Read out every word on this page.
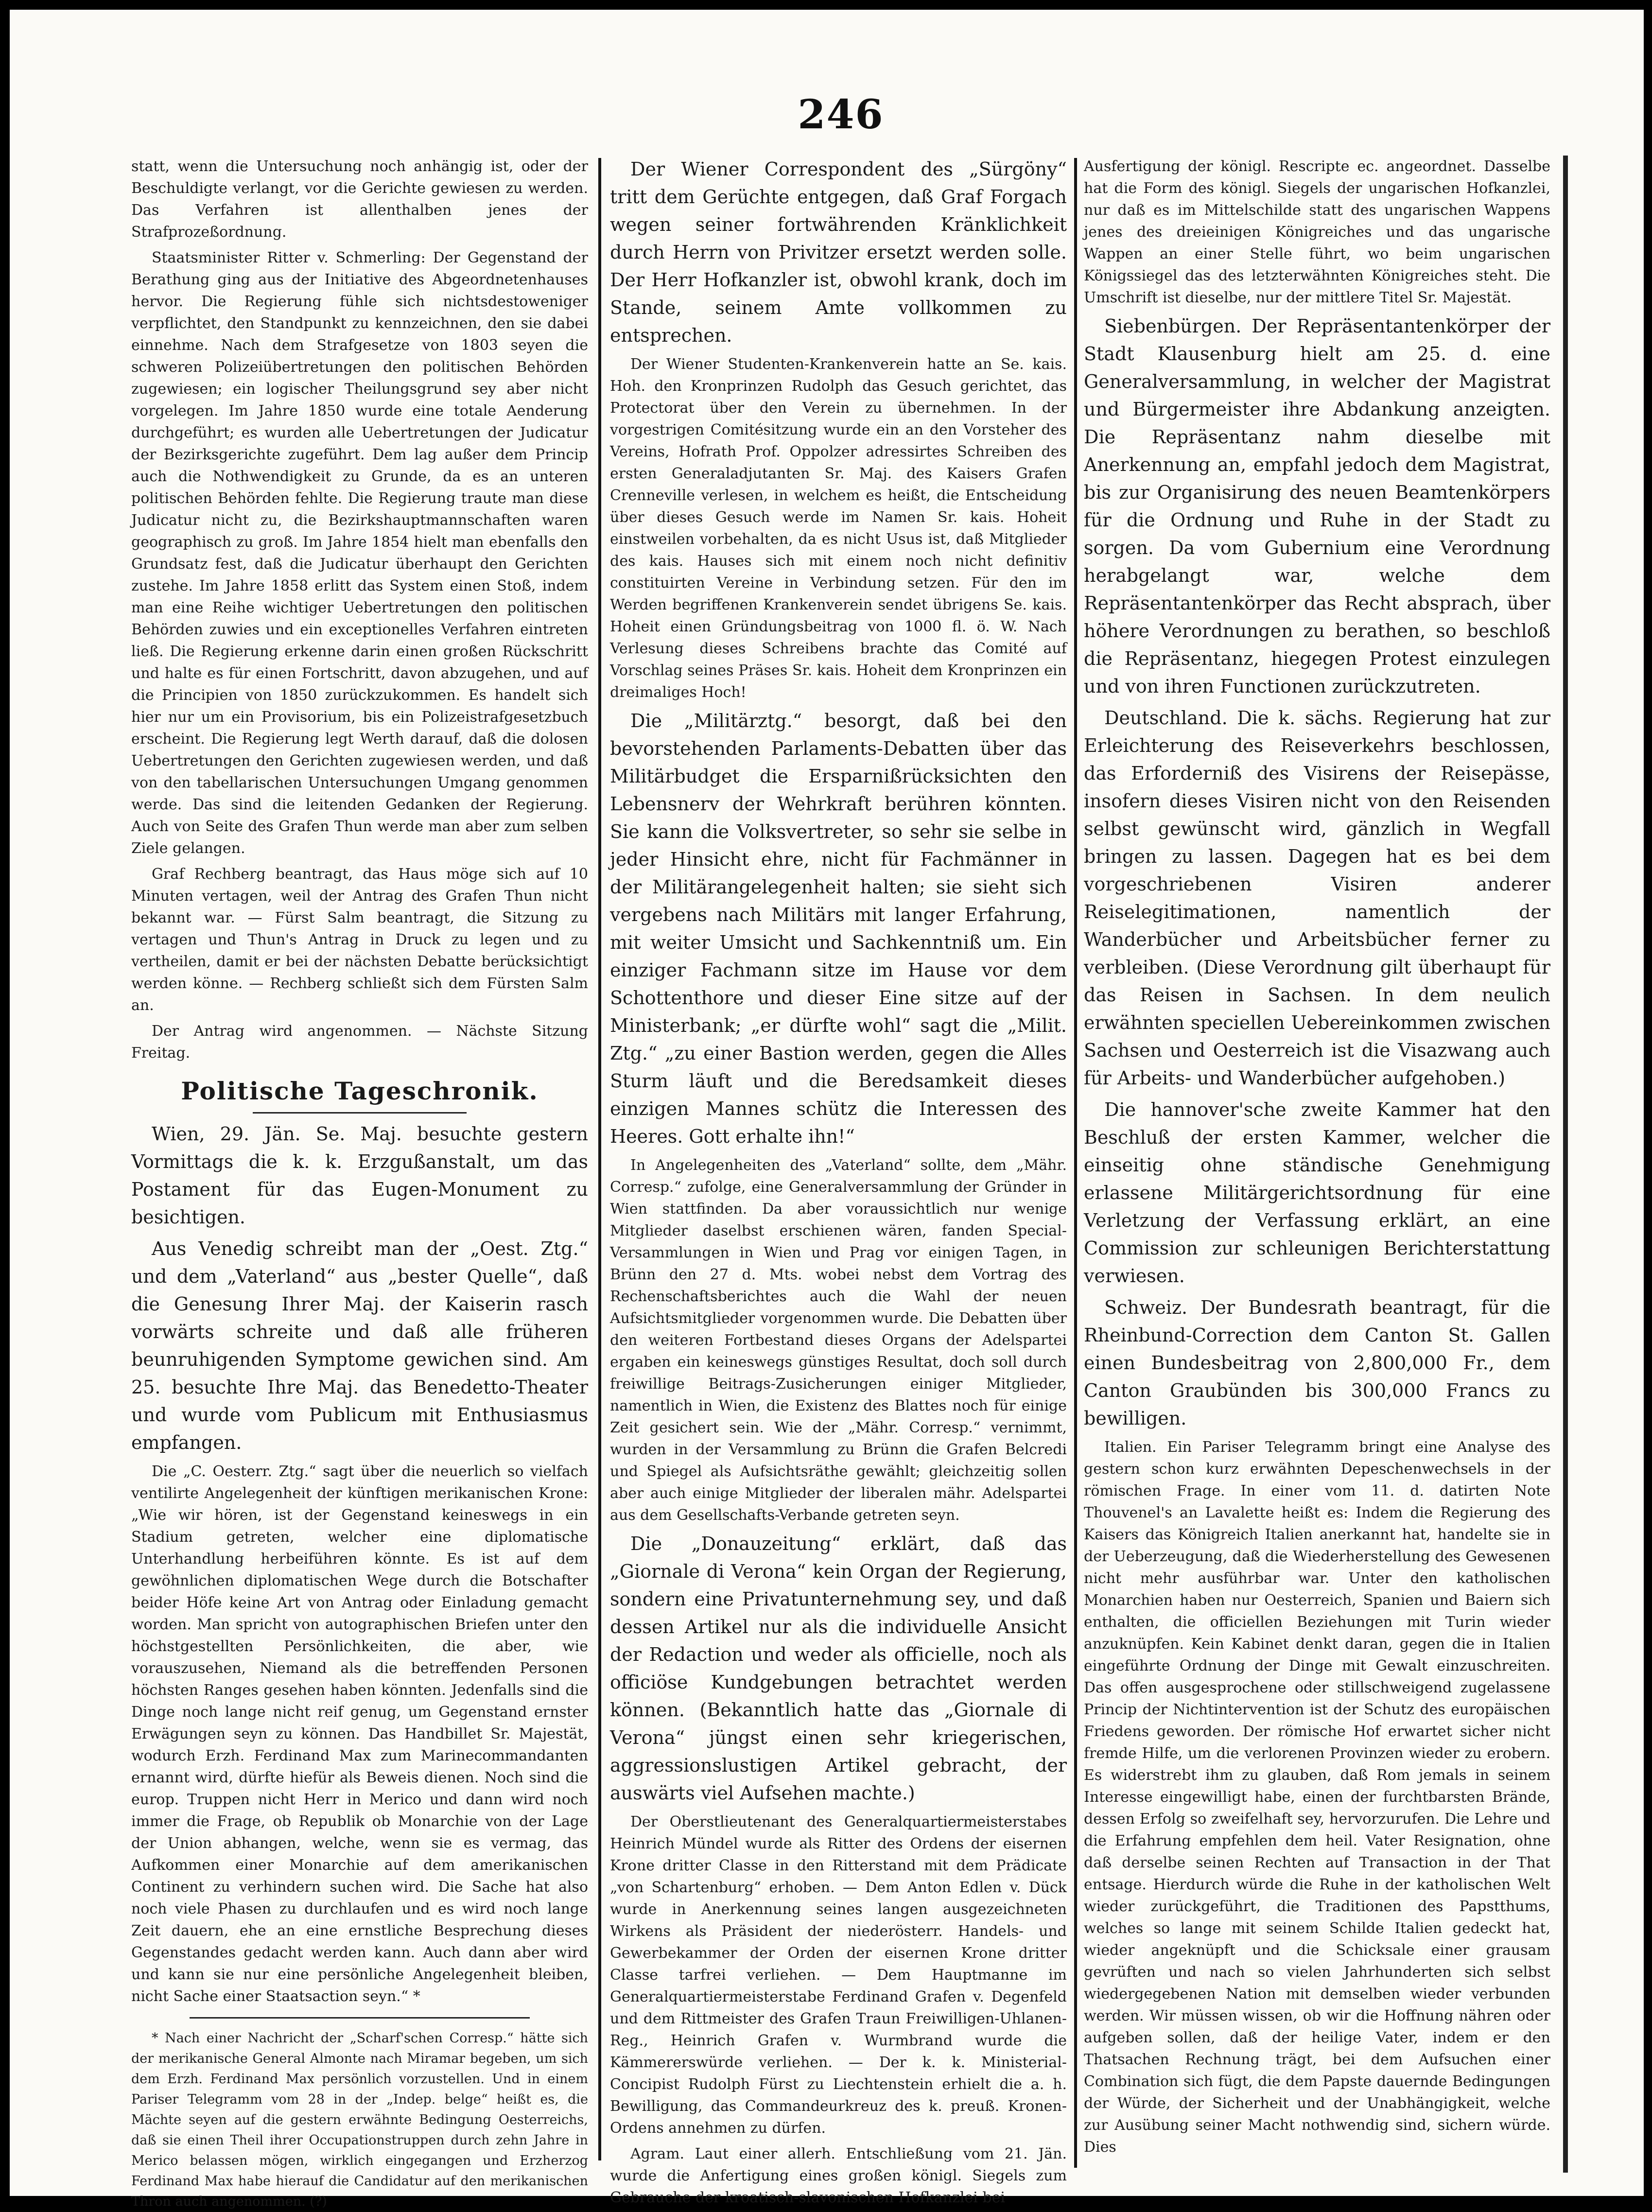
246

statt, wenn die Untersuchung noch anhängig ist, oder der Beschuldigte verlangt, vor die Gerichte gewiesen zu werden. Das Verfahren ist allenthalben jenes der Strafprozeßordnung.

Staatsminister Ritter v. Schmerling: Der Gegenstand der Berathung ging aus der Initiative des Abgeordnetenhauses hervor. Die Regierung fühle sich nichtsdestoweniger verpflichtet, den Standpunkt zu kennzeichnen, den sie dabei einnehme. Nach dem Strafgesetze von 1803 seyen die schweren Polizeiübertretungen den politischen Behörden zugewiesen; ein logischer Theilungsgrund sey aber nicht vorgelegen. Im Jahre 1850 wurde eine totale Aenderung durchgeführt; es wurden alle Uebertretungen der Judicatur der Bezirksgerichte zugeführt. Dem lag außer dem Princip auch die Nothwendigkeit zu Grunde, da es an unteren politischen Behörden fehlte. Die Regierung traute man diese Judicatur nicht zu, die Bezirkshauptmannschaften waren geographisch zu groß. Im Jahre 1854 hielt man ebenfalls den Grundsatz fest, daß die Judicatur überhaupt den Gerichten zustehe. Im Jahre 1858 erlitt das System einen Stoß, indem man eine Reihe wichtiger Uebertretungen den politischen Behörden zuwies und ein exceptionelles Verfahren eintreten ließ. Die Regierung erkenne darin einen großen Rückschritt und halte es für einen Fortschritt, davon abzugehen, und auf die Principien von 1850 zurückzukommen. Es handelt sich hier nur um ein Provisorium, bis ein Polizeistrafgesetzbuch erscheint. Die Regierung legt Werth darauf, daß die dolosen Uebertretungen den Gerichten zugewiesen werden, und daß von den tabellarischen Untersuchungen Umgang genommen werde. Das sind die leitenden Gedanken der Regierung. Auch von Seite des Grafen Thun werde man aber zum selben Ziele gelangen.

Graf Rechberg beantragt, das Haus möge sich auf 10 Minuten vertagen, weil der Antrag des Grafen Thun nicht bekannt war. — Fürst Salm beantragt, die Sitzung zu vertagen und Thun's Antrag in Druck zu legen und zu vertheilen, damit er bei der nächsten Debatte berücksichtigt werden könne. — Rechberg schließt sich dem Fürsten Salm an.

Der Antrag wird angenommen. — Nächste Sitzung Freitag.

Politische Tageschronik.

Wien, 29. Jän. Se. Maj. besuchte gestern Vormittags die k. k. Erzgußanstalt, um das Postament für das Eugen-Monument zu besichtigen.

Aus Venedig schreibt man der „Oest. Ztg.“ und dem „Vaterland“ aus „bester Quelle“, daß die Genesung Ihrer Maj. der Kaiserin rasch vorwärts schreite und daß alle früheren beunruhigenden Symptome gewichen sind. Am 25. besuchte Ihre Maj. das Benedetto-Theater und wurde vom Publicum mit Enthusiasmus empfangen.

Die „C. Oesterr. Ztg.“ sagt über die neuerlich so vielfach ventilirte Angelegenheit der künftigen merikanischen Krone: „Wie wir hören, ist der Gegenstand keineswegs in ein Stadium getreten, welcher eine diplomatische Unterhandlung herbeiführen könnte. Es ist auf dem gewöhnlichen diplomatischen Wege durch die Botschafter beider Höfe keine Art von Antrag oder Einladung gemacht worden. Man spricht von autographischen Briefen unter den höchstgestellten Persönlichkeiten, die aber, wie vorauszusehen, Niemand als die betreffenden Personen höchsten Ranges gesehen haben könnten. Jedenfalls sind die Dinge noch lange nicht reif genug, um Gegenstand ernster Erwägungen seyn zu können. Das Handbillet Sr. Majestät, wodurch Erzh. Ferdinand Max zum Marinecommandanten ernannt wird, dürfte hiefür als Beweis dienen. Noch sind die europ. Truppen nicht Herr in Merico und dann wird noch immer die Frage, ob Republik ob Monarchie von der Lage der Union abhangen, welche, wenn sie es vermag, das Aufkommen einer Monarchie auf dem amerikanischen Continent zu verhindern suchen wird. Die Sache hat also noch viele Phasen zu durchlaufen und es wird noch lange Zeit dauern, ehe an eine ernstliche Besprechung dieses Gegenstandes gedacht werden kann. Auch dann aber wird und kann sie nur eine persönliche Angelegenheit bleiben, nicht Sache einer Staatsaction seyn.“ *

* Nach einer Nachricht der „Scharf'schen Corresp.“ hätte sich der merikanische General Almonte nach Miramar begeben, um sich dem Erzh. Ferdinand Max persönlich vorzustellen. Und in einem Pariser Telegramm vom 28 in der „Indep. belge“ heißt es, die Mächte seyen auf die gestern erwähnte Bedingung Oesterreichs, daß sie einen Theil ihrer Occupationstruppen durch zehn Jahre in Merico belassen mögen, wirklich eingegangen und Erzherzog Ferdinand Max habe hierauf die Candidatur auf den merikanischen Thron auch angenommen. (?)

Der Wiener Correspondent des „Sürgöny“ tritt dem Gerüchte entgegen, daß Graf Forgach wegen seiner fortwährenden Kränklichkeit durch Herrn von Privitzer ersetzt werden solle. Der Herr Hofkanzler ist, obwohl krank, doch im Stande, seinem Amte vollkommen zu entsprechen.

Der Wiener Studenten-Krankenverein hatte an Se. kais. Hoh. den Kronprinzen Rudolph das Gesuch gerichtet, das Protectorat über den Verein zu übernehmen. In der vorgestrigen Comitésitzung wurde ein an den Vorsteher des Vereins, Hofrath Prof. Oppolzer adressirtes Schreiben des ersten Generaladjutanten Sr. Maj. des Kaisers Grafen Crenneville verlesen, in welchem es heißt, die Entscheidung über dieses Gesuch werde im Namen Sr. kais. Hoheit einstweilen vorbehalten, da es nicht Usus ist, daß Mitglieder des kais. Hauses sich mit einem noch nicht definitiv constituirten Vereine in Verbindung setzen. Für den im Werden begriffenen Krankenverein sendet übrigens Se. kais. Hoheit einen Gründungsbeitrag von 1000 fl. ö. W. Nach Verlesung dieses Schreibens brachte das Comité auf Vorschlag seines Präses Sr. kais. Hoheit dem Kronprinzen ein dreimaliges Hoch!

Die „Militärztg.“ besorgt, daß bei den bevorstehenden Parlaments-Debatten über das Militärbudget die Ersparnißrücksichten den Lebensnerv der Wehrkraft berühren könnten. Sie kann die Volksvertreter, so sehr sie selbe in jeder Hinsicht ehre, nicht für Fachmänner in der Militärangelegenheit halten; sie sieht sich vergebens nach Militärs mit langer Erfahrung, mit weiter Umsicht und Sachkenntniß um. Ein einziger Fachmann sitze im Hause vor dem Schottenthore und dieser Eine sitze auf der Ministerbank; „er dürfte wohl“ sagt die „Milit. Ztg.“ „zu einer Bastion werden, gegen die Alles Sturm läuft und die Beredsamkeit dieses einzigen Mannes schütz die Interessen des Heeres. Gott erhalte ihn!“

In Angelegenheiten des „Vaterland“ sollte, dem „Mähr. Corresp.“ zufolge, eine Generalversammlung der Gründer in Wien stattfinden. Da aber voraussichtlich nur wenige Mitglieder daselbst erschienen wären, fanden Special-Versammlungen in Wien und Prag vor einigen Tagen, in Brünn den 27 d. Mts. wobei nebst dem Vortrag des Rechenschaftsberichtes auch die Wahl der neuen Aufsichtsmitglieder vorgenommen wurde. Die Debatten über den weiteren Fortbestand dieses Organs der Adelspartei ergaben ein keineswegs günstiges Resultat, doch soll durch freiwillige Beitrags-Zusicherungen einiger Mitglieder, namentlich in Wien, die Existenz des Blattes noch für einige Zeit gesichert sein. Wie der „Mähr. Corresp.“ vernimmt, wurden in der Versammlung zu Brünn die Grafen Belcredi und Spiegel als Aufsichtsräthe gewählt; gleichzeitig sollen aber auch einige Mitglieder der liberalen mähr. Adelspartei aus dem Gesellschafts-Verbande getreten seyn.

Die „Donauzeitung“ erklärt, daß das „Giornale di Verona“ kein Organ der Regierung, sondern eine Privatunternehmung sey, und daß dessen Artikel nur als die individuelle Ansicht der Redaction und weder als officielle, noch als officiöse Kundgebungen betrachtet werden können. (Bekanntlich hatte das „Giornale di Verona“ jüngst einen sehr kriegerischen, aggressionslustigen Artikel gebracht, der auswärts viel Aufsehen machte.)

Der Oberstlieutenant des Generalquartiermeisterstabes Heinrich Mündel wurde als Ritter des Ordens der eisernen Krone dritter Classe in den Ritterstand mit dem Prädicate „von Schartenburg“ erhoben. — Dem Anton Edlen v. Dück wurde in Anerkennung seines langen ausgezeichneten Wirkens als Präsident der niederösterr. Handels- und Gewerbekammer der Orden der eisernen Krone dritter Classe tarfrei verliehen. — Dem Hauptmanne im Generalquartiermeisterstabe Ferdinand Grafen v. Degenfeld und dem Rittmeister des Grafen Traun Freiwilligen-Uhlanen-Reg., Heinrich Grafen v. Wurmbrand wurde die Kämmererswürde verliehen. — Der k. k. Ministerial-Concipist Rudolph Fürst zu Liechtenstein erhielt die a. h. Bewilligung, das Commandeurkreuz des k. preuß. Kronen-Ordens annehmen zu dürfen.

Agram. Laut einer allerh. Entschließung vom 21. Jän. wurde die Anfertigung eines großen königl. Siegels zum Gebrauche der kroatisch-slavonischen Hofkanzlei bei

Ausfertigung der königl. Rescripte ec. angeordnet. Dasselbe hat die Form des königl. Siegels der ungarischen Hofkanzlei, nur daß es im Mittelschilde statt des ungarischen Wappens jenes des dreieinigen Königreiches und das ungarische Wappen an einer Stelle führt, wo beim ungarischen Königssiegel das des letzterwähnten Königreiches steht. Die Umschrift ist dieselbe, nur der mittlere Titel Sr. Majestät.

Siebenbürgen. Der Repräsentantenkörper der Stadt Klausenburg hielt am 25. d. eine Generalversammlung, in welcher der Magistrat und Bürgermeister ihre Abdankung anzeigten. Die Repräsentanz nahm dieselbe mit Anerkennung an, empfahl jedoch dem Magistrat, bis zur Organisirung des neuen Beamtenkörpers für die Ordnung und Ruhe in der Stadt zu sorgen. Da vom Gubernium eine Verordnung herabgelangt war, welche dem Repräsentantenkörper das Recht absprach, über höhere Verordnungen zu berathen, so beschloß die Repräsentanz, hiegegen Protest einzulegen und von ihren Functionen zurückzutreten.

Deutschland. Die k. sächs. Regierung hat zur Erleichterung des Reiseverkehrs beschlossen, das Erforderniß des Visirens der Reisepässe, insofern dieses Visiren nicht von den Reisenden selbst gewünscht wird, gänzlich in Wegfall bringen zu lassen. Dagegen hat es bei dem vorgeschriebenen Visiren anderer Reiselegitimationen, namentlich der Wanderbücher und Arbeitsbücher ferner zu verbleiben. (Diese Verordnung gilt überhaupt für das Reisen in Sachsen. In dem neulich erwähnten speciellen Uebereinkommen zwischen Sachsen und Oesterreich ist die Visazwang auch für Arbeits- und Wanderbücher aufgehoben.)

Die hannover'sche zweite Kammer hat den Beschluß der ersten Kammer, welcher die einseitig ohne ständische Genehmigung erlassene Militärgerichtsordnung für eine Verletzung der Verfassung erklärt, an eine Commission zur schleunigen Berichterstattung verwiesen.

Schweiz. Der Bundesrath beantragt, für die Rheinbund-Correction dem Canton St. Gallen einen Bundesbeitrag von 2,800,000 Fr., dem Canton Graubünden bis 300,000 Francs zu bewilligen.

Italien. Ein Pariser Telegramm bringt eine Analyse des gestern schon kurz erwähnten Depeschenwechsels in der römischen Frage. In einer vom 11. d. datirten Note Thouvenel's an Lavalette heißt es: Indem die Regierung des Kaisers das Königreich Italien anerkannt hat, handelte sie in der Ueberzeugung, daß die Wiederherstellung des Gewesenen nicht mehr ausführbar war. Unter den katholischen Monarchien haben nur Oesterreich, Spanien und Baiern sich enthalten, die officiellen Beziehungen mit Turin wieder anzuknüpfen. Kein Kabinet denkt daran, gegen die in Italien eingeführte Ordnung der Dinge mit Gewalt einzuschreiten. Das offen ausgesprochene oder stillschweigend zugelassene Princip der Nichtintervention ist der Schutz des europäischen Friedens geworden. Der römische Hof erwartet sicher nicht fremde Hilfe, um die verlorenen Provinzen wieder zu erobern. Es widerstrebt ihm zu glauben, daß Rom jemals in seinem Interesse eingewilligt habe, einen der furchtbarsten Brände, dessen Erfolg so zweifelhaft sey, hervorzurufen. Die Lehre und die Erfahrung empfehlen dem heil. Vater Resignation, ohne daß derselbe seinen Rechten auf Transaction in der That entsage. Hierdurch würde die Ruhe in der katholischen Welt wieder zurückgeführt, die Traditionen des Papstthums, welches so lange mit seinem Schilde Italien gedeckt hat, wieder angeknüpft und die Schicksale einer grausam gevrüften und nach so vielen Jahrhunderten sich selbst wiedergegebenen Nation mit demselben wieder verbunden werden. Wir müssen wissen, ob wir die Hoffnung nähren oder aufgeben sollen, daß der heilige Vater, indem er den Thatsachen Rechnung trägt, bei dem Aufsuchen einer Combination sich fügt, die dem Papste dauernde Bedingungen der Würde, der Sicherheit und der Unabhängigkeit, welche zur Ausübung seiner Macht nothwendig sind, sichern würde. Dies
